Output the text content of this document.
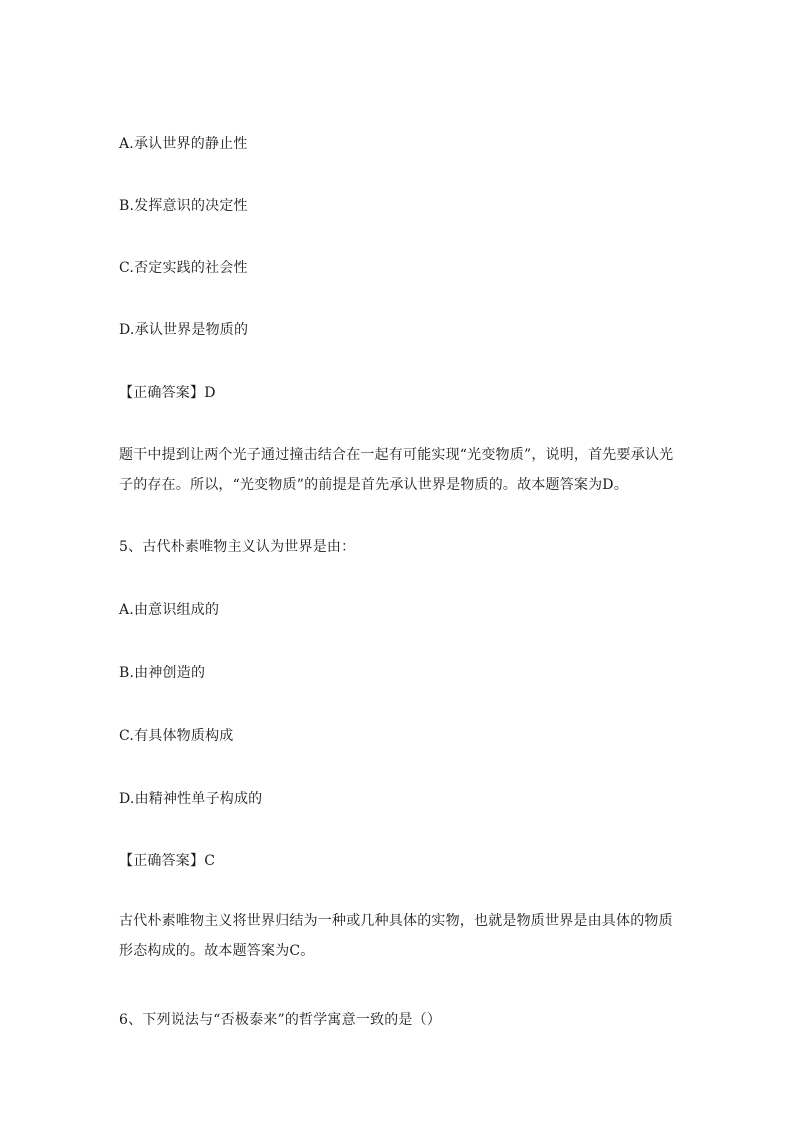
A.承认世界的静止性
B.发挥意识的决定性
C.否定实践的社会性
D.承认世界是物质的
【正确答案】D
题干中提到让两个光子通过撞击结合在一起有可能实现“光变物质”，说明，首先要承认光
子的存在。所以，“光变物质”的前提是首先承认世界是物质的。故本题答案为D。
5、古代朴素唯物主义认为世界是由：
A.由意识组成的
B.由神创造的
C.有具体物质构成
D.由精神性单子构成的
【正确答案】C
古代朴素唯物主义将世界归结为一种或几种具体的实物，也就是物质世界是由具体的物质
形态构成的。故本题答案为C。
6、下列说法与“否极泰来”的哲学寓意一致的是（）
